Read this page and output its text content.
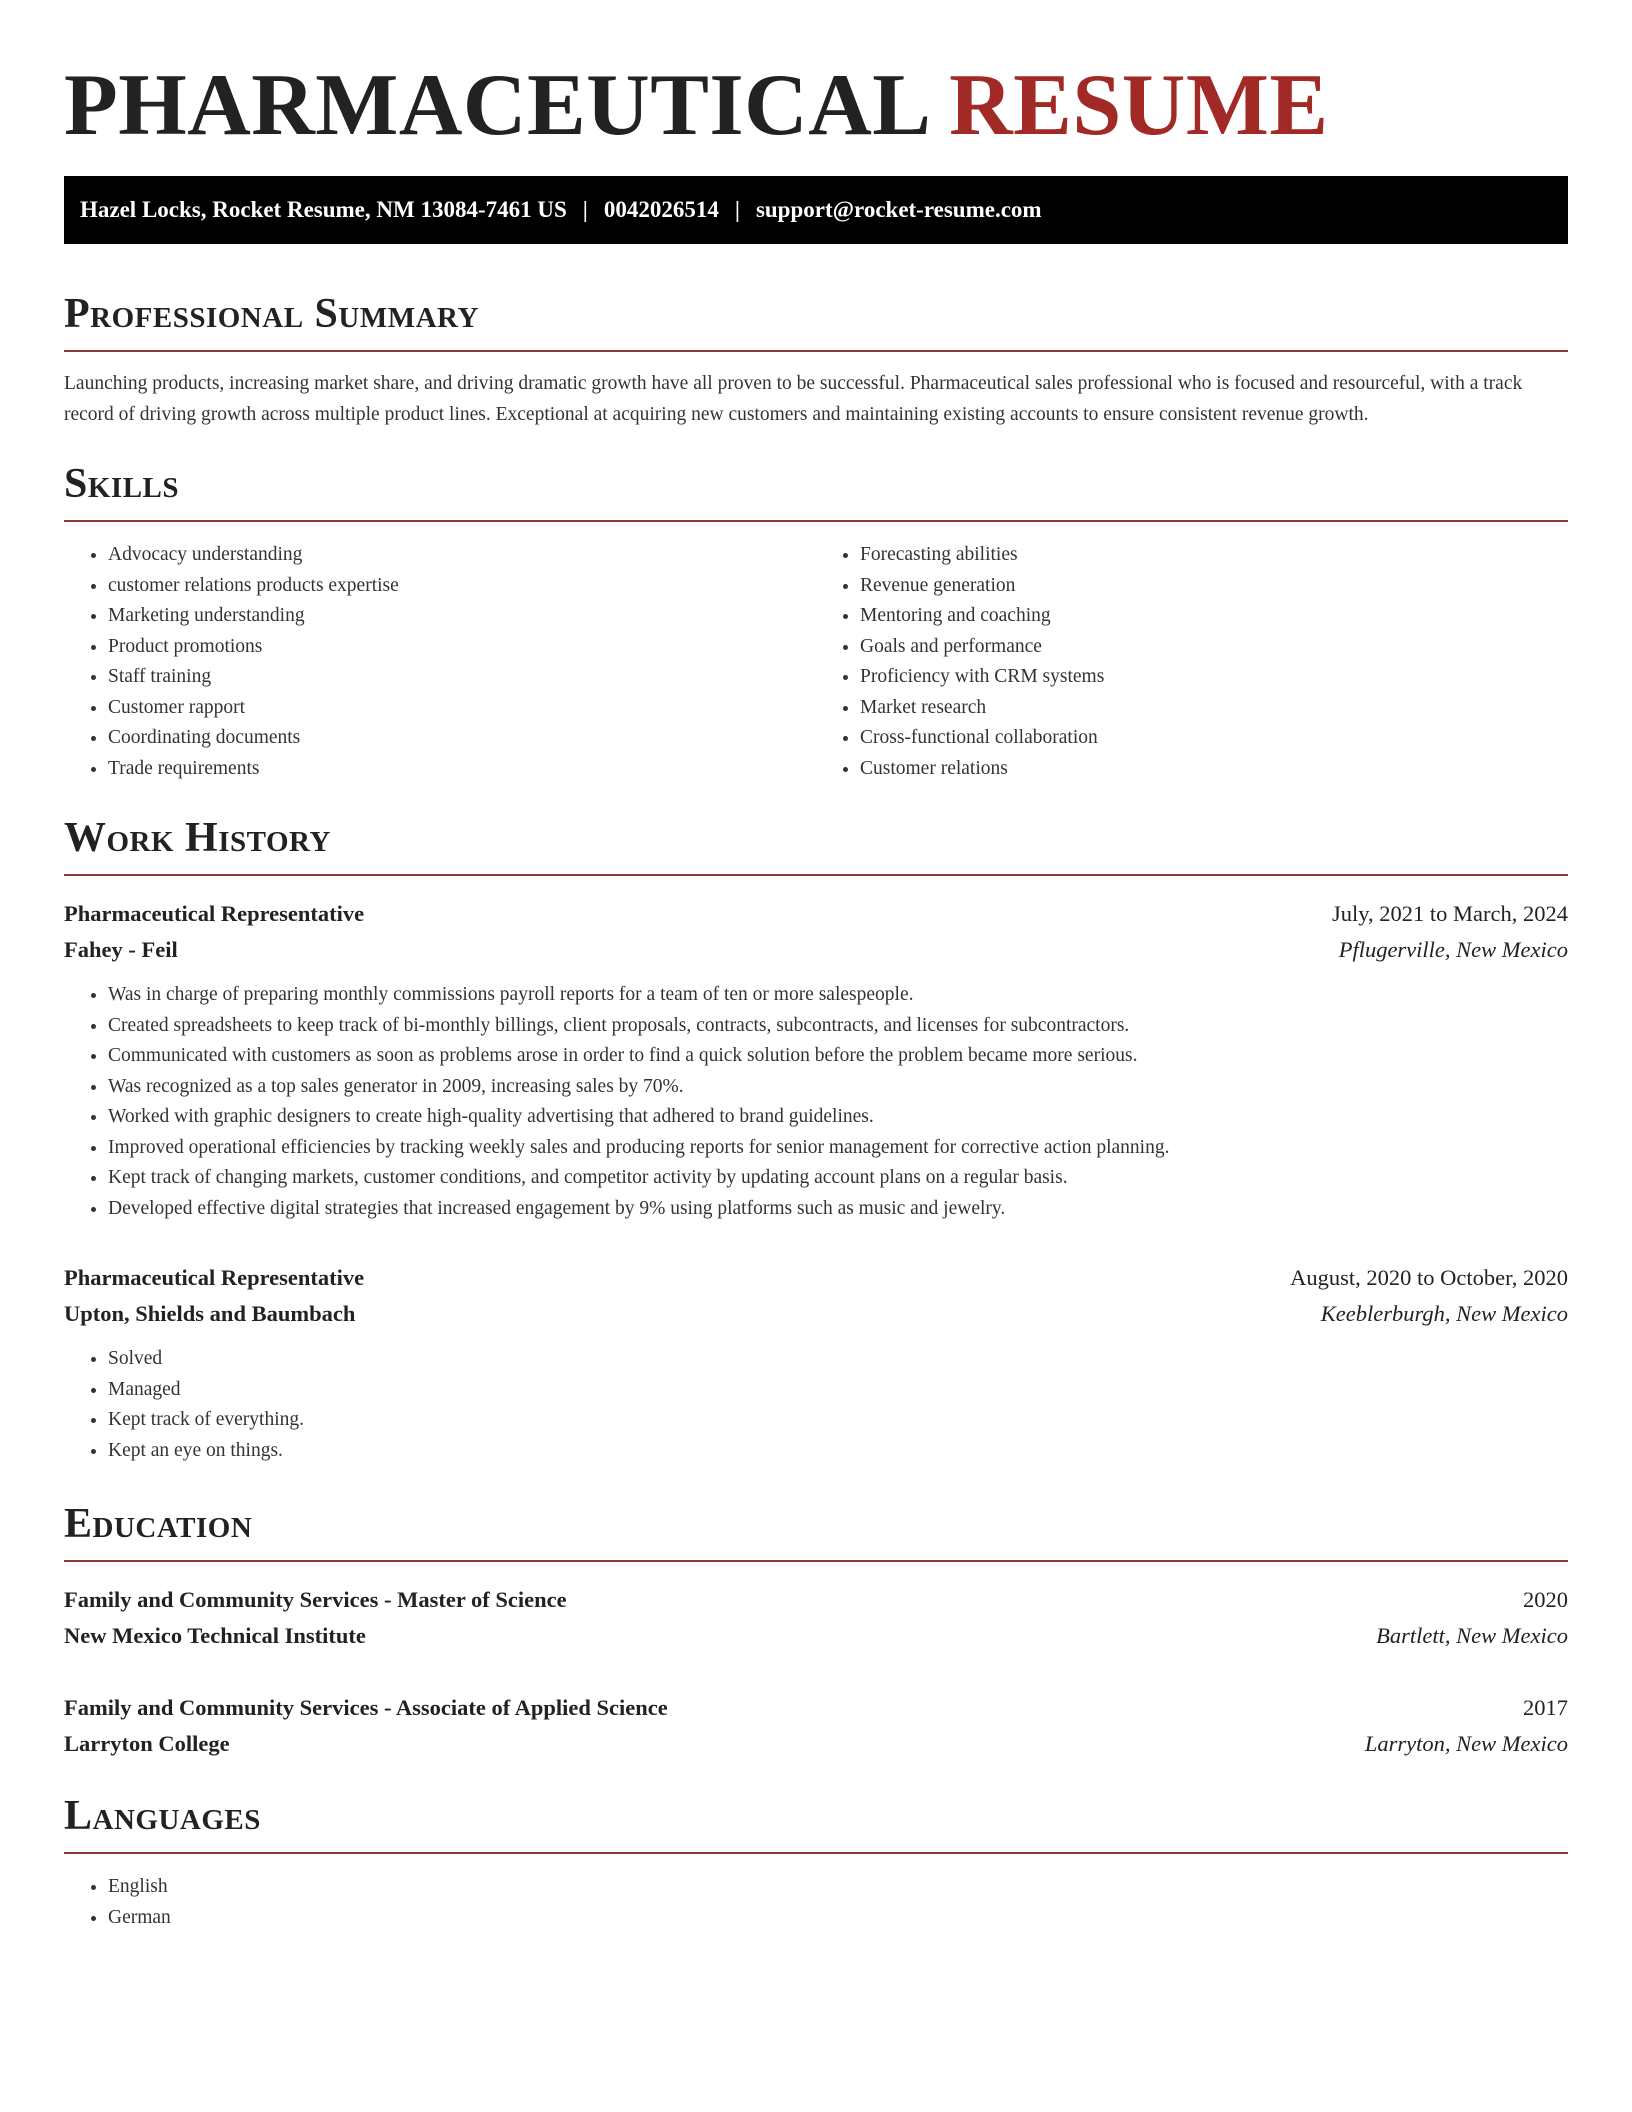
PHARMACEUTICAL RESUME
Hazel Locks, Rocket Resume, NM 13084-7461 US | 0042026514 | support@rocket-resume.com
Professional Summary
Launching products, increasing market share, and driving dramatic growth have all proven to be successful. Pharmaceutical sales professional who is focused and resourceful, with a track record of driving growth across multiple product lines. Exceptional at acquiring new customers and maintaining existing accounts to ensure consistent revenue growth.
Skills
• Advocacy understanding
• customer relations products expertise
• Marketing understanding
• Product promotions
• Staff training
• Customer rapport
• Coordinating documents
• Trade requirements
• Forecasting abilities
• Revenue generation
• Mentoring and coaching
• Goals and performance
• Proficiency with CRM systems
• Market research
• Cross-functional collaboration
• Customer relations
Work History
Pharmaceutical Representative	July, 2021 to March, 2024
Fahey - Feil	Pflugerville, New Mexico
• Was in charge of preparing monthly commissions payroll reports for a team of ten or more salespeople.
• Created spreadsheets to keep track of bi-monthly billings, client proposals, contracts, subcontracts, and licenses for subcontractors.
• Communicated with customers as soon as problems arose in order to find a quick solution before the problem became more serious.
• Was recognized as a top sales generator in 2009, increasing sales by 70%.
• Worked with graphic designers to create high-quality advertising that adhered to brand guidelines.
• Improved operational efficiencies by tracking weekly sales and producing reports for senior management for corrective action planning.
• Kept track of changing markets, customer conditions, and competitor activity by updating account plans on a regular basis.
• Developed effective digital strategies that increased engagement by 9% using platforms such as music and jewelry.
Pharmaceutical Representative	August, 2020 to October, 2020
Upton, Shields and Baumbach	Keeblerburgh, New Mexico
• Solved
• Managed
• Kept track of everything.
• Kept an eye on things.
Education
Family and Community Services - Master of Science	2020
New Mexico Technical Institute	Bartlett, New Mexico
Family and Community Services - Associate of Applied Science	2017
Larryton College	Larryton, New Mexico
Languages
• English
• German
